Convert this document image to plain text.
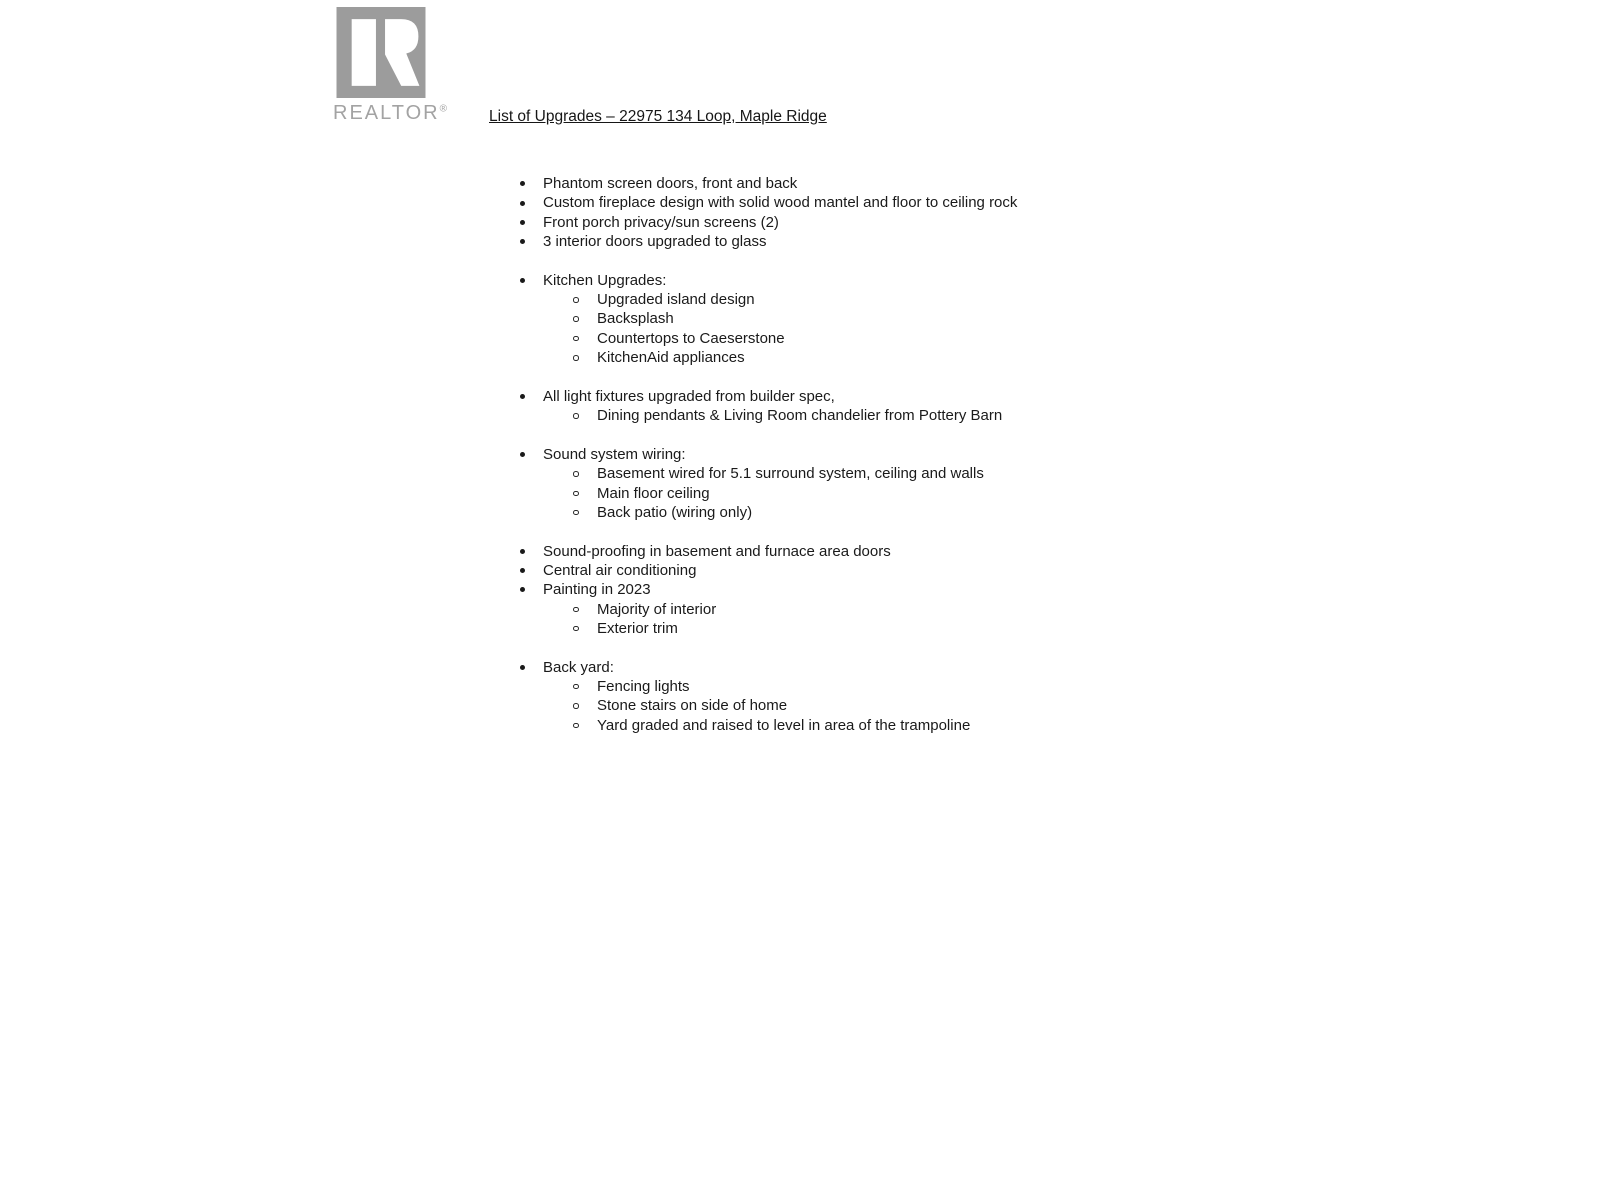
REALTOR®	List of Upgrades – 22975 134 Loop, Maple Ridge
Phantom screen doors, front and back
Custom fireplace design with solid wood mantel and floor to ceiling rock
Front porch privacy/sun screens (2)
3 interior doors upgraded to glass
Kitchen Upgrades:
Upgraded island design
Backsplash
Countertops to Caeserstone
KitchenAid appliances
All light fixtures upgraded from builder spec,
Dining pendants & Living Room chandelier from Pottery Barn
Sound system wiring:
Basement wired for 5.1 surround system, ceiling and walls
Main floor ceiling
Back patio (wiring only)
Sound-proofing in basement and furnace area doors
Central air conditioning
Painting in 2023
Majority of interior
Exterior trim
Back yard:
Fencing lights
Stone stairs on side of home
Yard graded and raised to level in area of the trampoline
